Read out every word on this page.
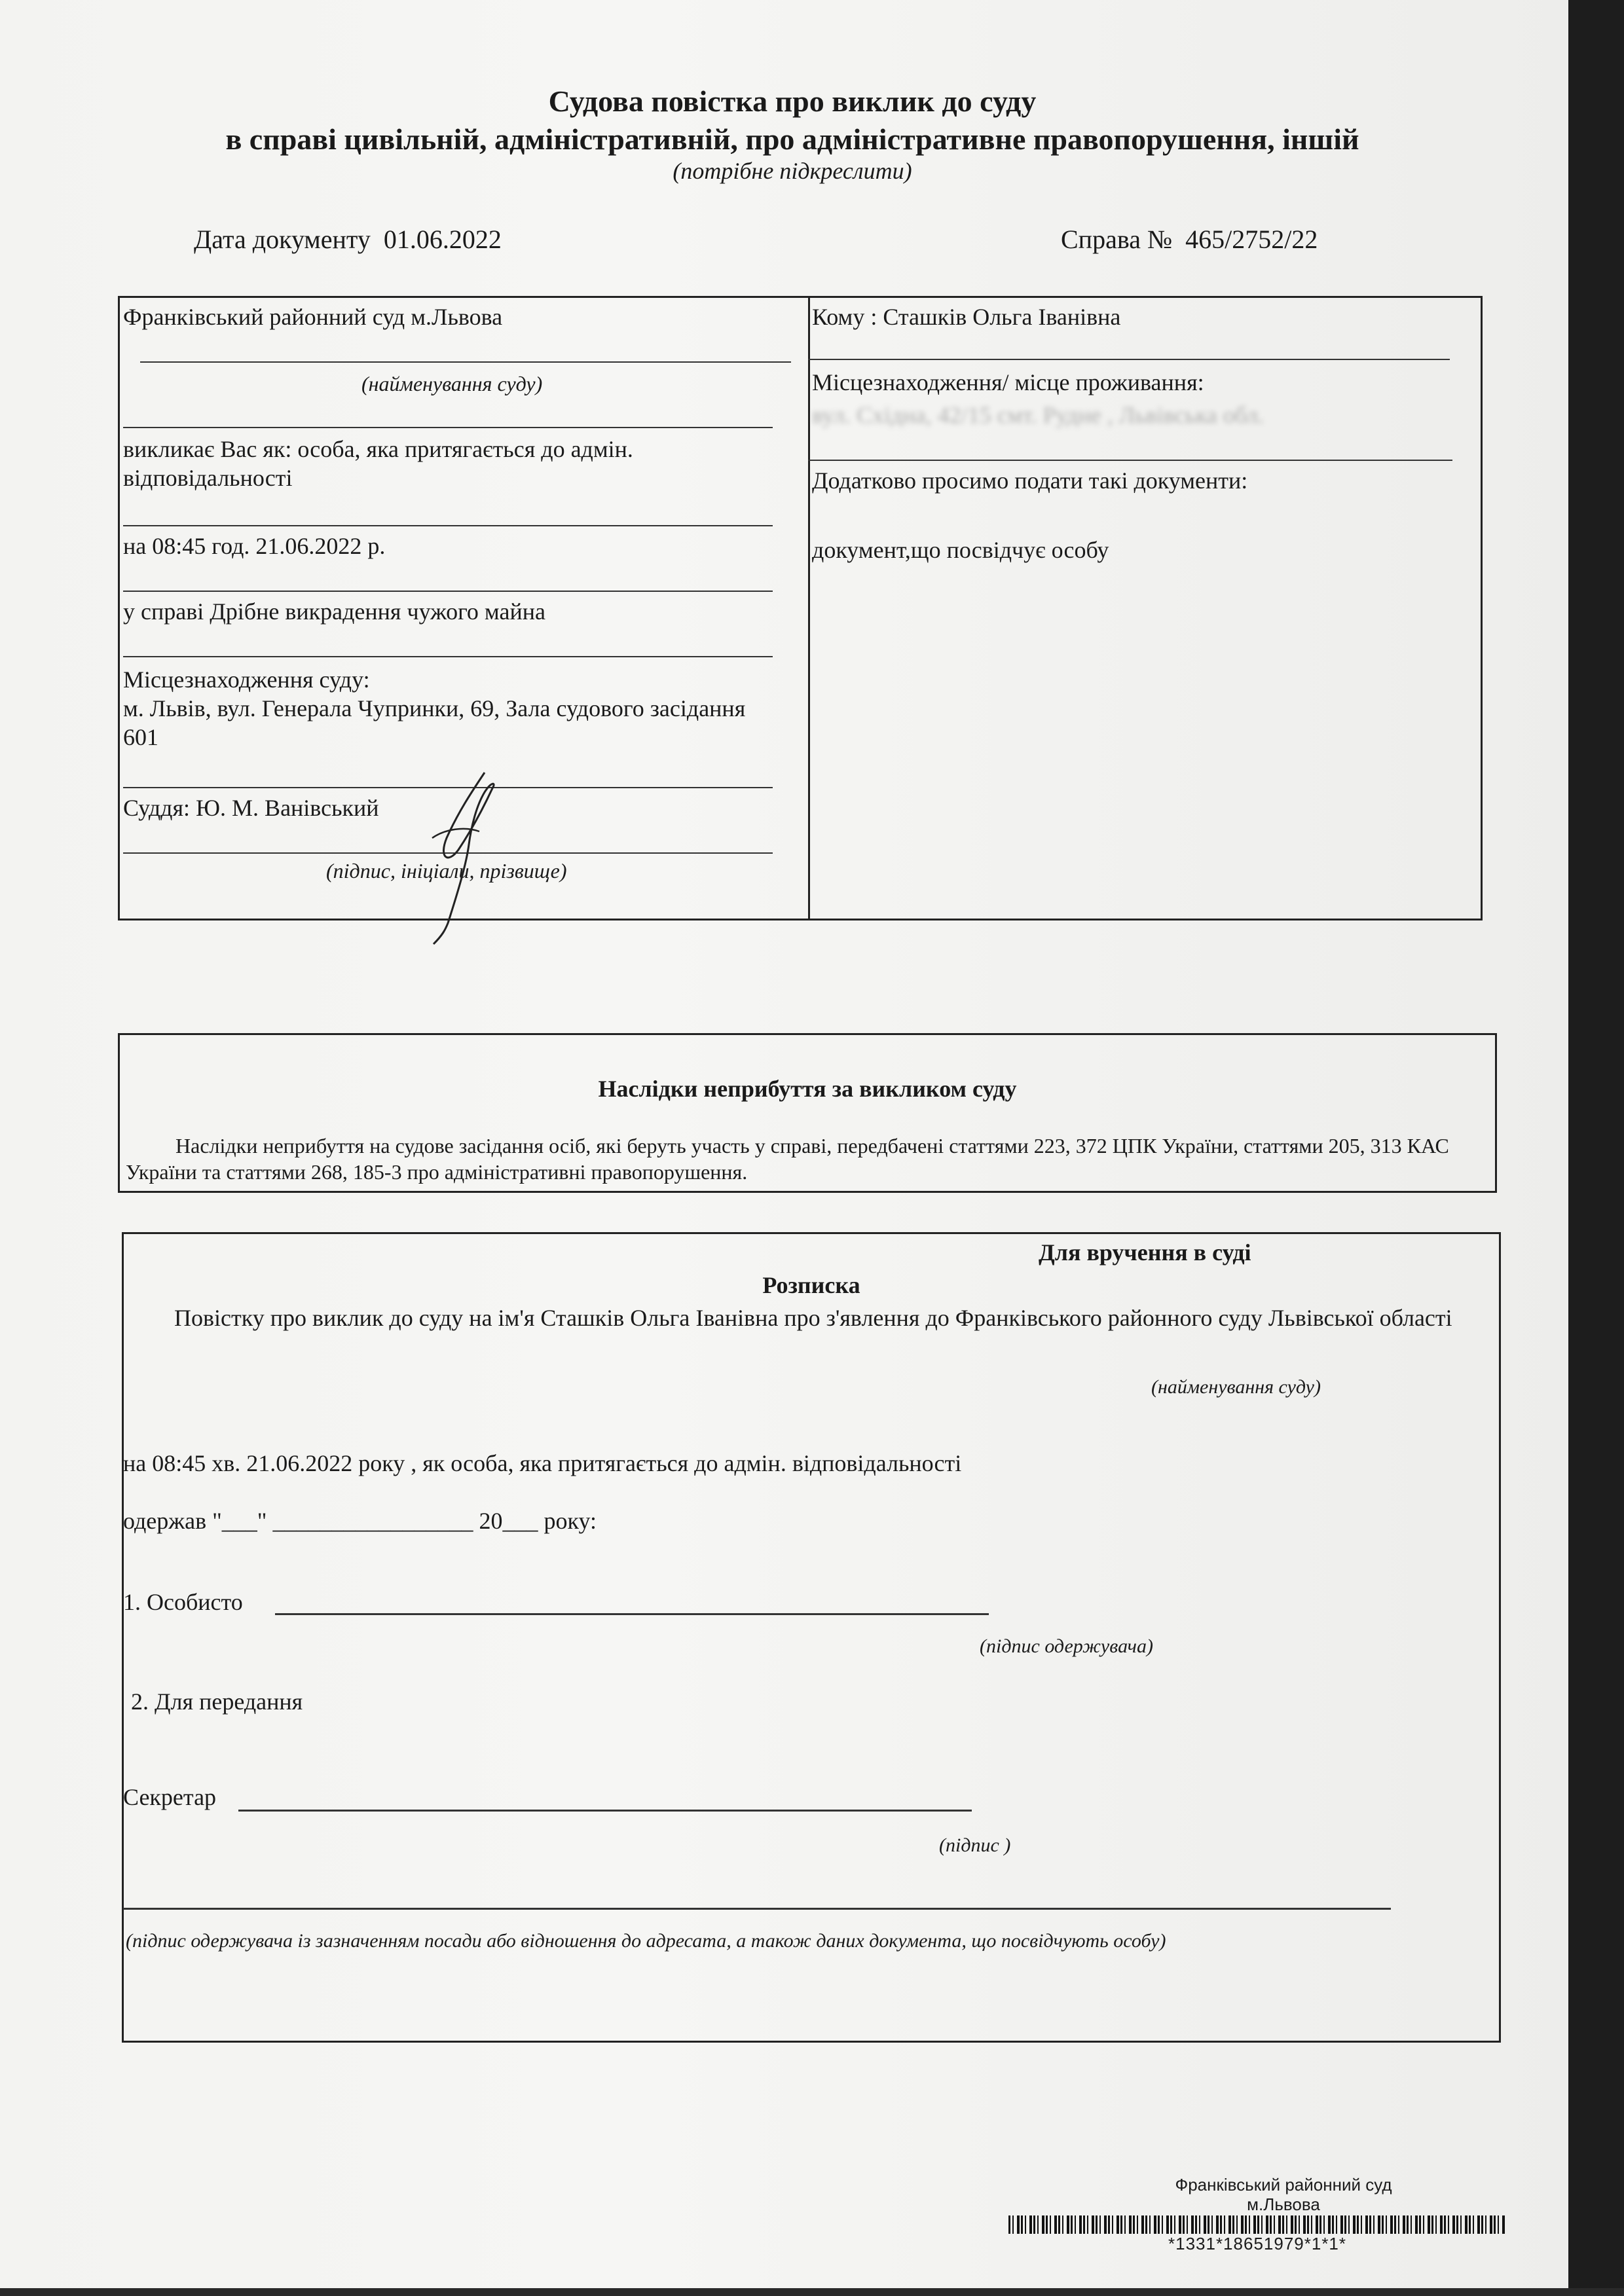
Судова повістка про виклик до суду
в справі цивільній, адміністративній, про адміністративне правопорушення, іншій
(потрібне підкреслити)
Дата документу 01.06.2022	Справа № 465/2752/22
Франківський районний суд м.Львова
(найменування суду)
викликає Вас як: особа, яка притягається до адмін. відповідальності
на 08:45 год. 21.06.2022 р.
у справі Дрібне викрадення чужого майна
Місцезнаходження суду:
м. Львів, вул. Генерала Чупринки, 69, Зала судового засідання 601
Суддя: Ю. М. Ванівський
(підпис, ініціали, прізвище)
Кому : Сташків Ольга Іванівна
Місцезнаходження/ місце проживання:
вул. Східна, 42/15 смт. Рудне , Львівська обл.
Додатково просимо подати такі документи:
документ,що посвідчує особу
Наслідки неприбуття за викликом суду
Наслідки неприбуття на судове засідання осіб, які беруть участь у справі, передбачені статтями 223, 372 ЦПК України, статтями 205, 313 КАС України та статтями 268, 185-3 про адміністративні правопорушення.
Для вручення в суді
Розписка
Повістку про виклик до суду на ім'я Сташків Ольга Іванівна про з'явлення до Франківського районного суду Львівської області
(найменування суду)
на 08:45 хв. 21.06.2022 року , як особа, яка притягається до адмін. відповідальності
одержав "___" _________________ 20___ року:
1. Особисто
(підпис одержувача)
2. Для передання
Секретар
(підпис )
(підпис одержувача із зазначенням посади або відношення до адресата, а також даних документа, що посвідчують особу)
Франківський районний суд
м.Львова
*1331*18651979*1*1*
